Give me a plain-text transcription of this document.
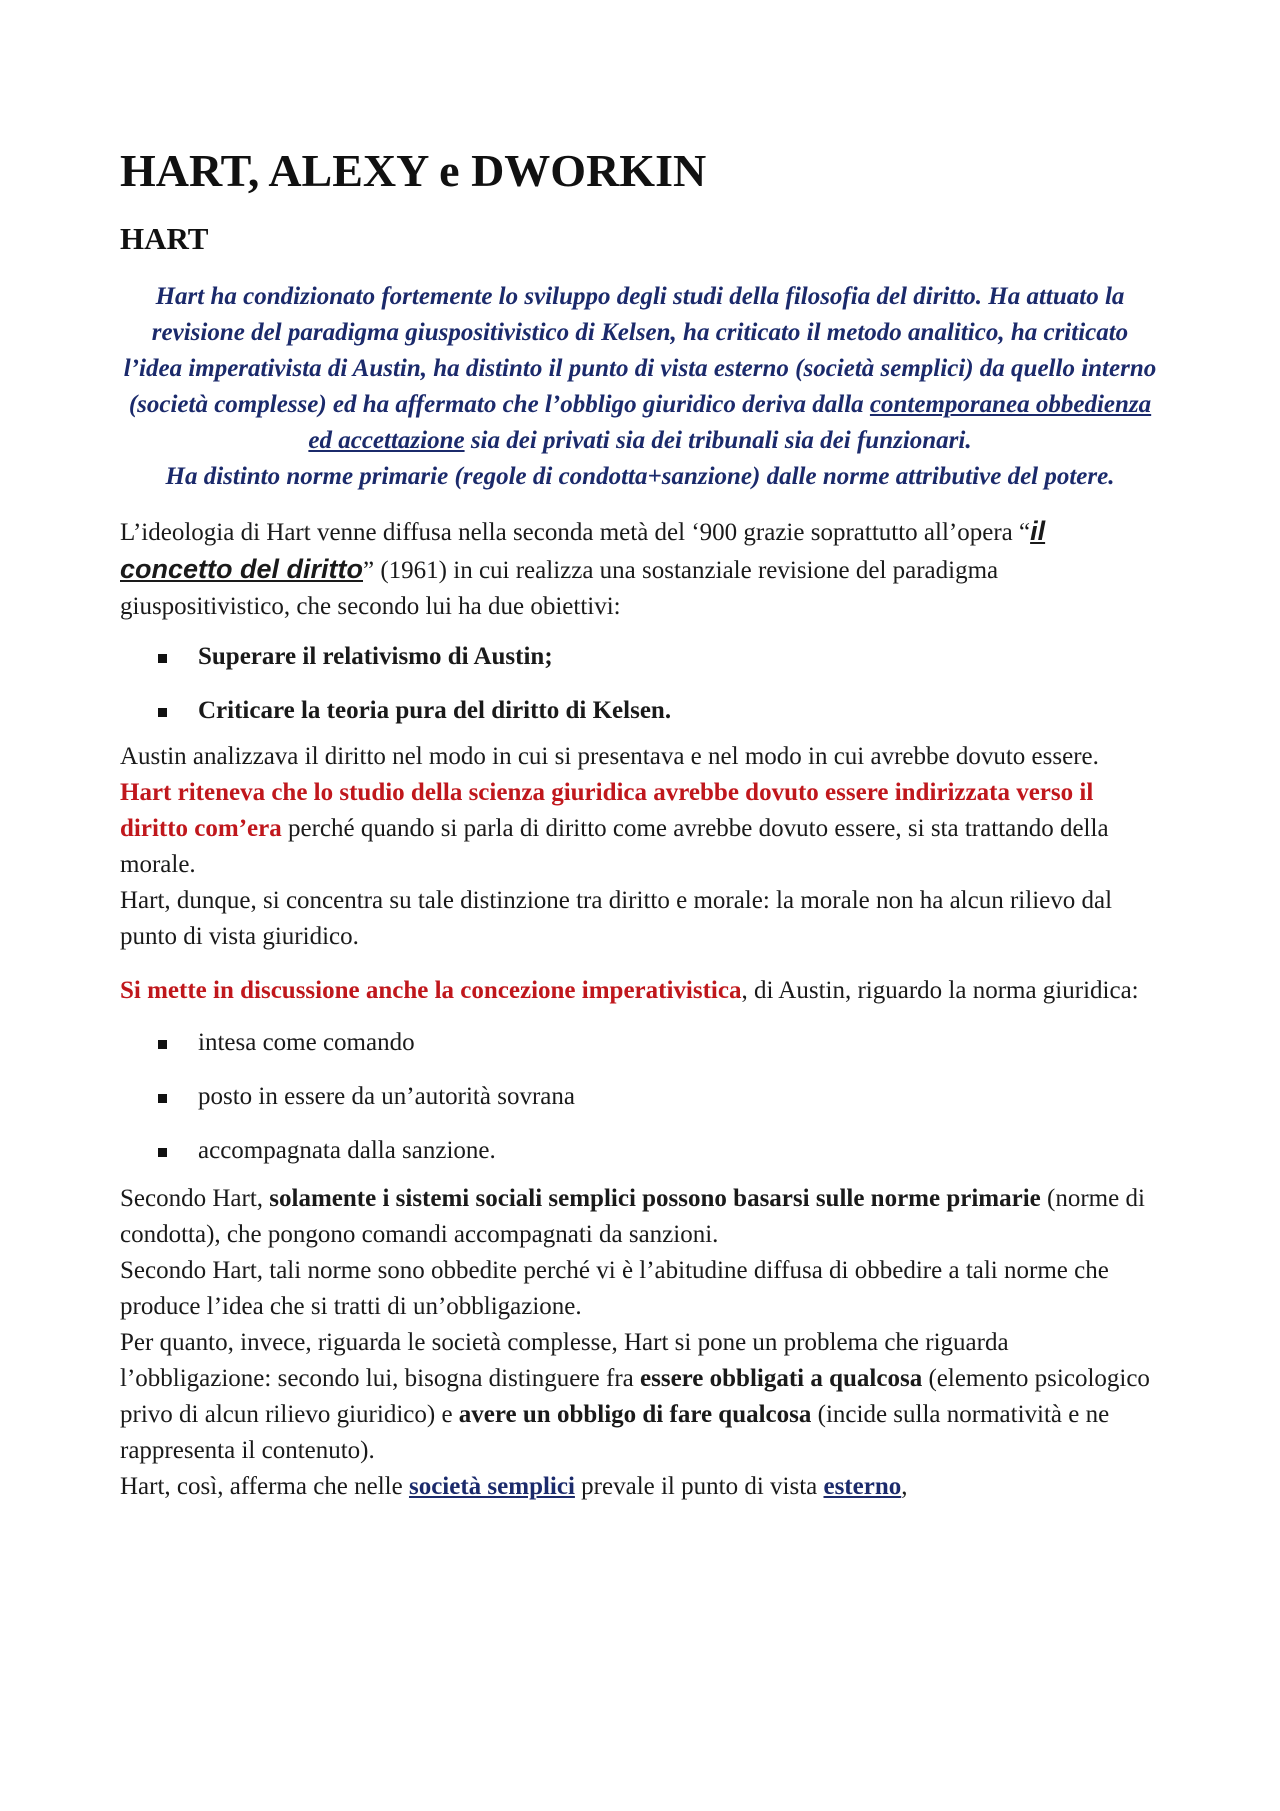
HART, ALEXY e DWORKIN
HART
Hart ha condizionato fortemente lo sviluppo degli studi della filosofia del diritto. Ha attuato la revisione del paradigma giuspositivistico di Kelsen, ha criticato il metodo analitico, ha criticato l’idea imperativista di Austin, ha distinto il punto di vista esterno (società semplici) da quello interno (società complesse) ed ha affermato che l’obbligo giuridico deriva dalla contemporanea obbedienza ed accettazione sia dei privati sia dei tribunali sia dei funzionari.
Ha distinto norme primarie (regole di condotta+sanzione) dalle norme attributive del potere.

L’ideologia di Hart venne diffusa nella seconda metà del ‘900 grazie soprattutto all’opera “il concetto del diritto” (1961) in cui realizza una sostanziale revisione del paradigma giuspositivistico, che secondo lui ha due obiettivi:

Superare il relativismo di Austin;
Criticare la teoria pura del diritto di Kelsen.

Austin analizzava il diritto nel modo in cui si presentava e nel modo in cui avrebbe dovuto essere.

Hart riteneva che lo studio della scienza giuridica avrebbe dovuto essere indirizzata verso il diritto com’era perché quando si parla di diritto come avrebbe dovuto essere, si sta trattando della morale.

Hart, dunque, si concentra su tale distinzione tra diritto e morale: la morale non ha alcun rilievo dal punto di vista giuridico.

Si mette in discussione anche la concezione imperativistica, di Austin, riguardo la norma giuridica:

intesa come comando
posto in essere da un’autorità sovrana
accompagnata dalla sanzione.

Secondo Hart, solamente i sistemi sociali semplici possono basarsi sulle norme primarie (norme di condotta), che pongono comandi accompagnati da sanzioni.

Secondo Hart, tali norme sono obbedite perché vi è l’abitudine diffusa di obbedire a tali norme che produce l’idea che si tratti di un’obbligazione.

Per quanto, invece, riguarda le società complesse, Hart si pone un problema che riguarda l’obbligazione: secondo lui, bisogna distinguere fra essere obbligati a qualcosa (elemento psicologico privo di alcun rilievo giuridico) e avere un obbligo di fare qualcosa (incide sulla normatività e ne rappresenta il contenuto).

Hart, così, afferma che nelle società semplici prevale il punto di vista esterno,
